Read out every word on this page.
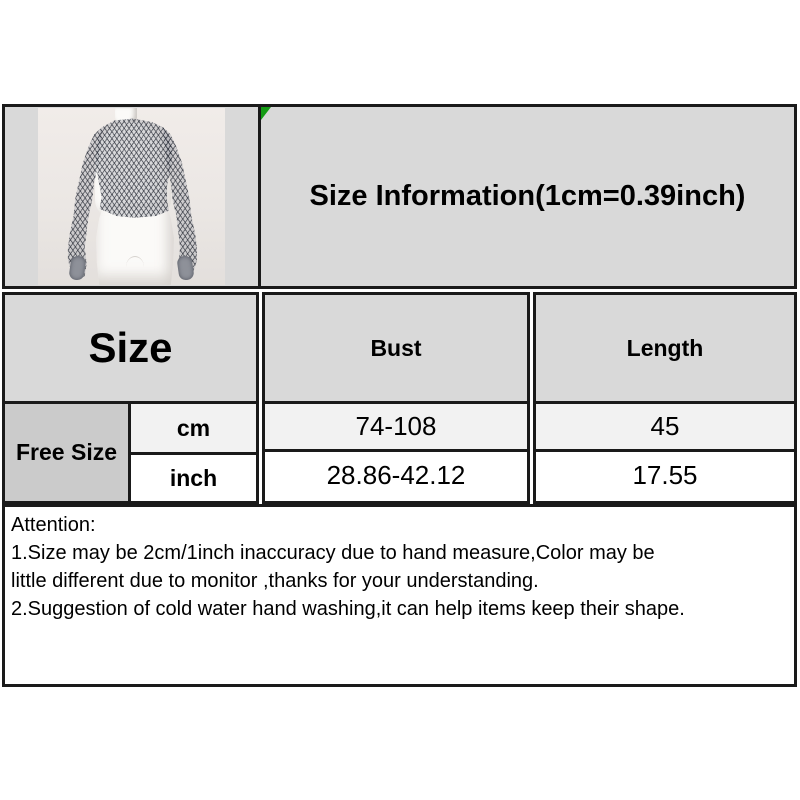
Size Information(1cm=0.39inch)
Size
Free Size
cm
inch
Bust
74-108
28.86-42.12
Length
45
17.55
Attention:
1.Size may be 2cm/1inch inaccuracy due to hand measure,Color may be
little different due to monitor ,thanks for your understanding.
2.Suggestion of cold water hand washing,it can help items keep their shape.
